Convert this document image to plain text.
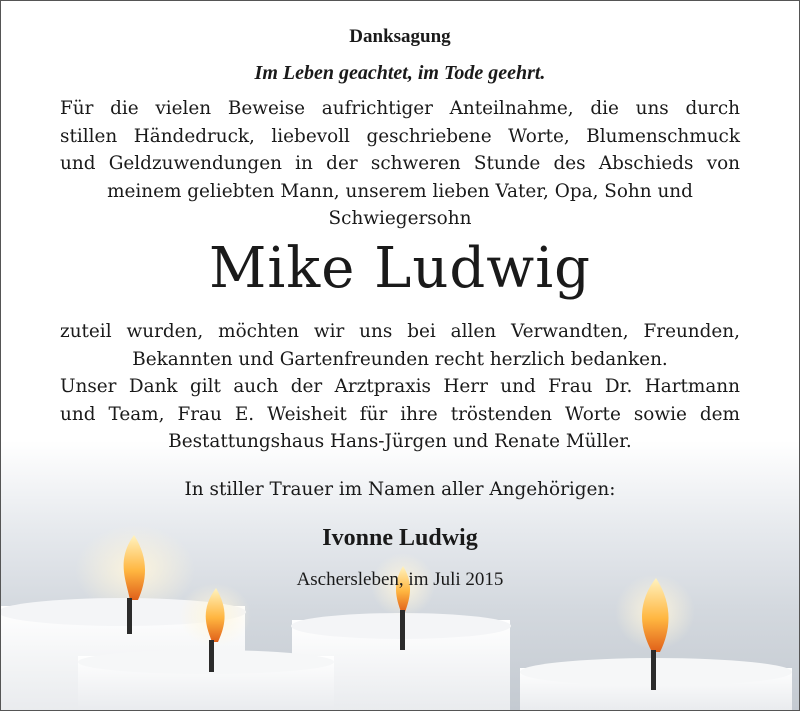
Danksagung
Im Leben geachtet, im Tode geehrt.
Für die vielen Beweise aufrichtiger Anteilnahme, die uns durch
stillen Händedruck, liebevoll geschriebene Worte, Blumenschmuck
und Geldzuwendungen in der schweren Stunde des Abschieds von
meinem geliebten Mann, unserem lieben Vater, Opa, Sohn und
Schwiegersohn
Mike Ludwig
zuteil wurden, möchten wir uns bei allen Verwandten, Freunden,
Bekannten und Gartenfreunden recht herzlich bedanken.
Unser Dank gilt auch der Arztpraxis Herr und Frau Dr. Hartmann
und Team, Frau E. Weisheit für ihre tröstenden Worte sowie dem
Bestattungshaus Hans-Jürgen und Renate Müller.
In stiller Trauer im Namen aller Angehörigen:
Ivonne Ludwig
Aschersleben, im Juli 2015
